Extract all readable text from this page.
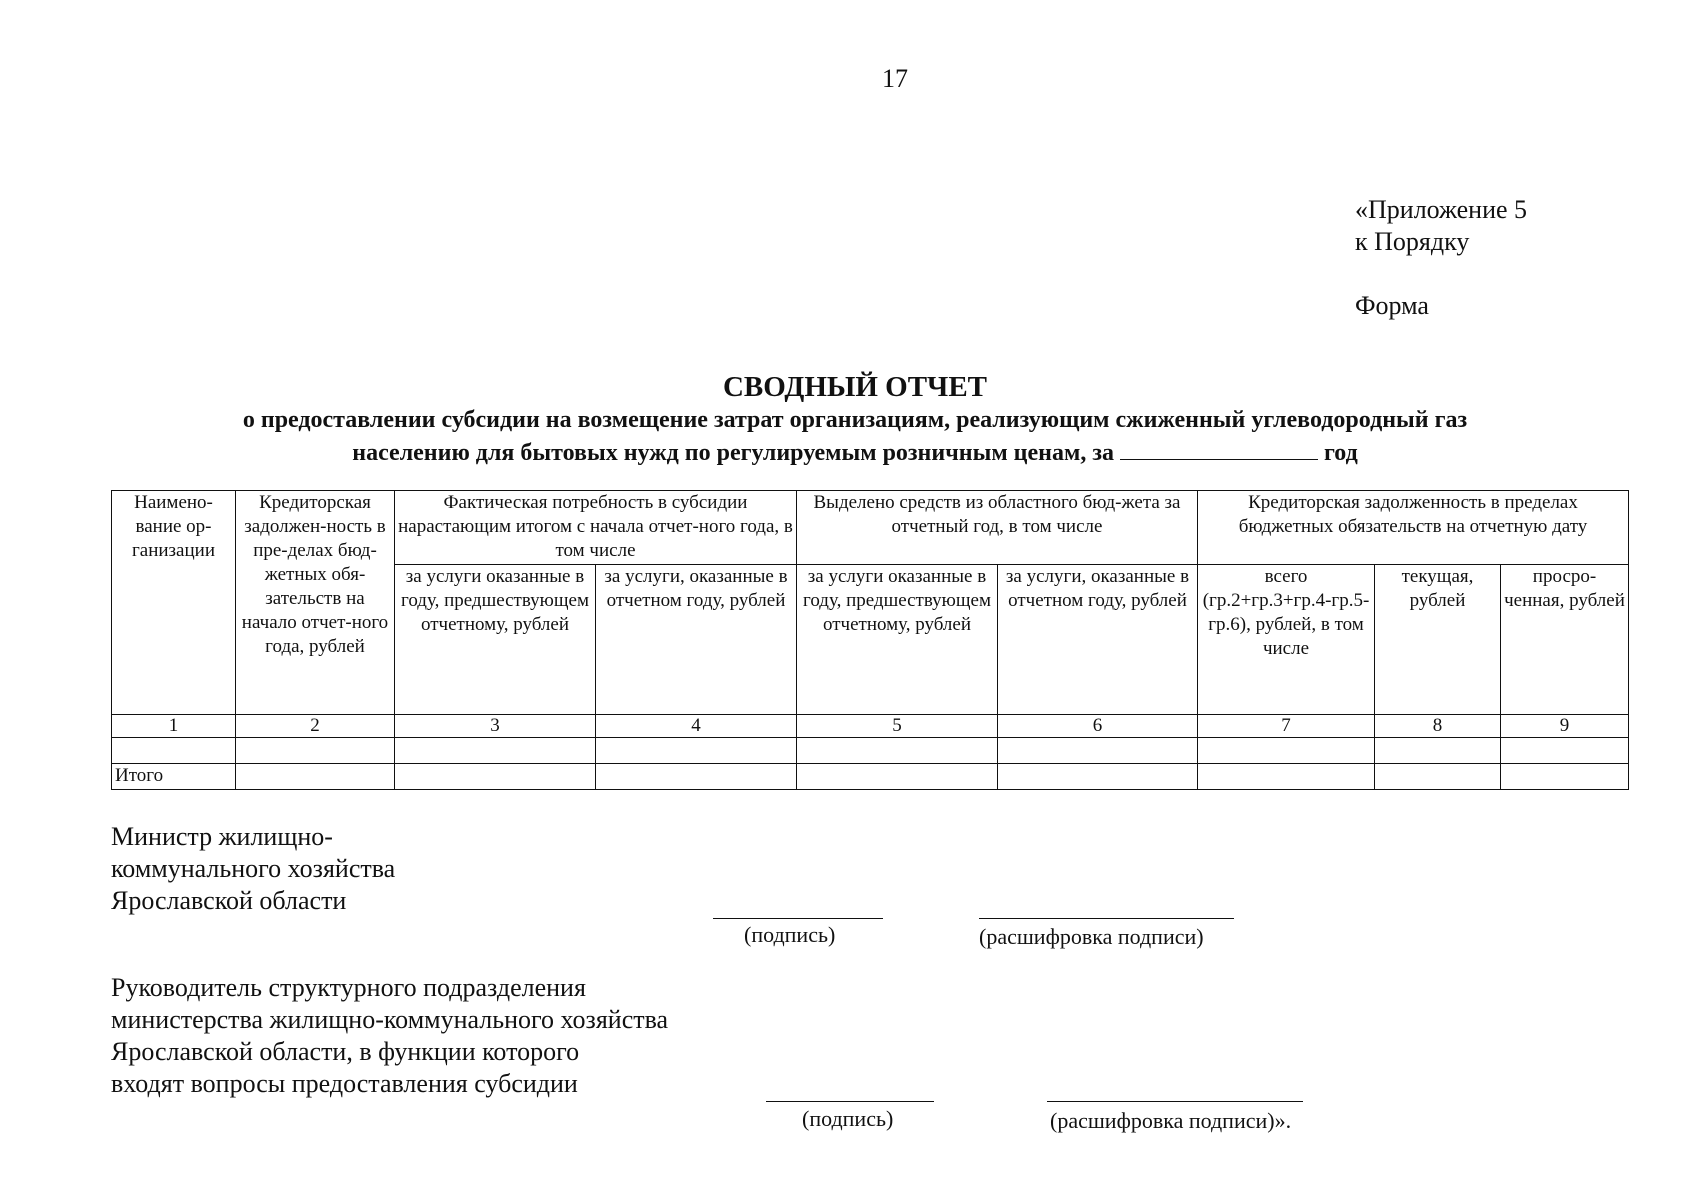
17
«Приложение 5
к Порядку
Форма
СВОДНЫЙ ОТЧЕТ
о предоставлении субсидии на возмещение затрат организациям, реализующим сжиженный углеводородный газ
населению для бытовых нужд по регулируемым розничным ценам, за	год
Наимено-вание ор-ганизации	Кредиторская задолжен-ность в пре-делах бюд-жетных обя-зательств на начало отчет-ного года, рублей	Фактическая потребность в субсидии нарастающим итогом с начала отчет-ного года, в том числе		Выделено средств из областного бюд-жета за отчетный год, в том числе		Кредиторская задолженность в пределах бюджетных обязательств на отчетную дату		
		за услуги оказанные в году, предшествующем отчетному, рублей	за услуги, оказанные в отчетном году, рублей	за услуги оказанные в году, предшествующем отчетному, рублей	за услуги, оказанные в отчетном году, рублей	всего (гр.2+гр.3+гр.4-гр.5-гр.6), рублей, в том числе	текущая, рублей	просро-ченная, рублей
1	2	3	4	5	6	7	8	9

Итого								
Министр жилищно-
коммунального хозяйства
Ярославской области
(подпись)	(расшифровка подписи)
Руководитель структурного подразделения
министерства жилищно-коммунального хозяйства
Ярославской области, в функции которого
входят вопросы предоставления субсидии
(подпись)	(расшифровка подписи)».
